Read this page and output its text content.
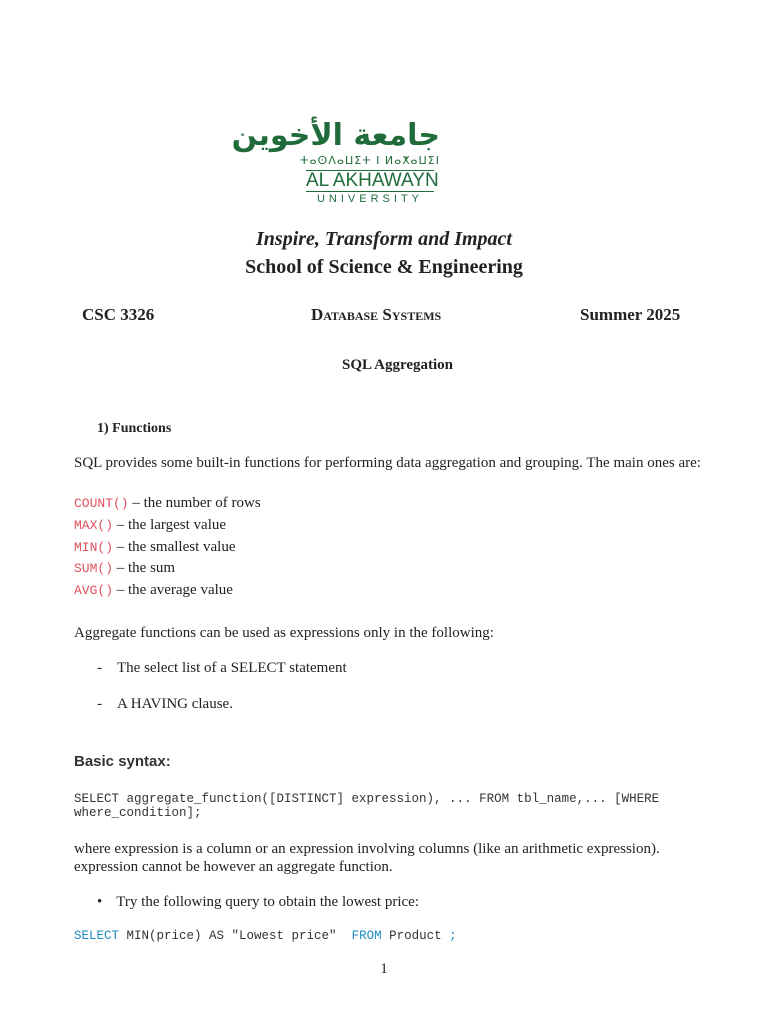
جامعة الأخوين
ⵜⴰⵙⴷⴰⵡⵉⵜ ⵏ ⵍⴰⵅⴰⵡⵉⵏ
AL AKHAWAYN
UNIVERSITY
Inspire, Transform and Impact
School of Science & Engineering
CSC 3326	Database Systems	Summer 2025
SQL Aggregation
1) Functions
SQL provides some built-in functions for performing data aggregation and grouping. The main ones are:
COUNT() – the number of rows
MAX() – the largest value
MIN() – the smallest value
SUM() – the sum
AVG() – the average value
Aggregate functions can be used as expressions only in the following:
- The select list of a SELECT statement
- A HAVING clause.
Basic syntax:
SELECT aggregate_function([DISTINCT] expression), ... FROM tbl_name,... [WHERE
where_condition];
where expression is a column or an expression involving columns (like an arithmetic expression).
expression cannot be however an aggregate function.
• Try the following query to obtain the lowest price:
SELECT MIN(price) AS "Lowest price"  FROM Product ;
1
